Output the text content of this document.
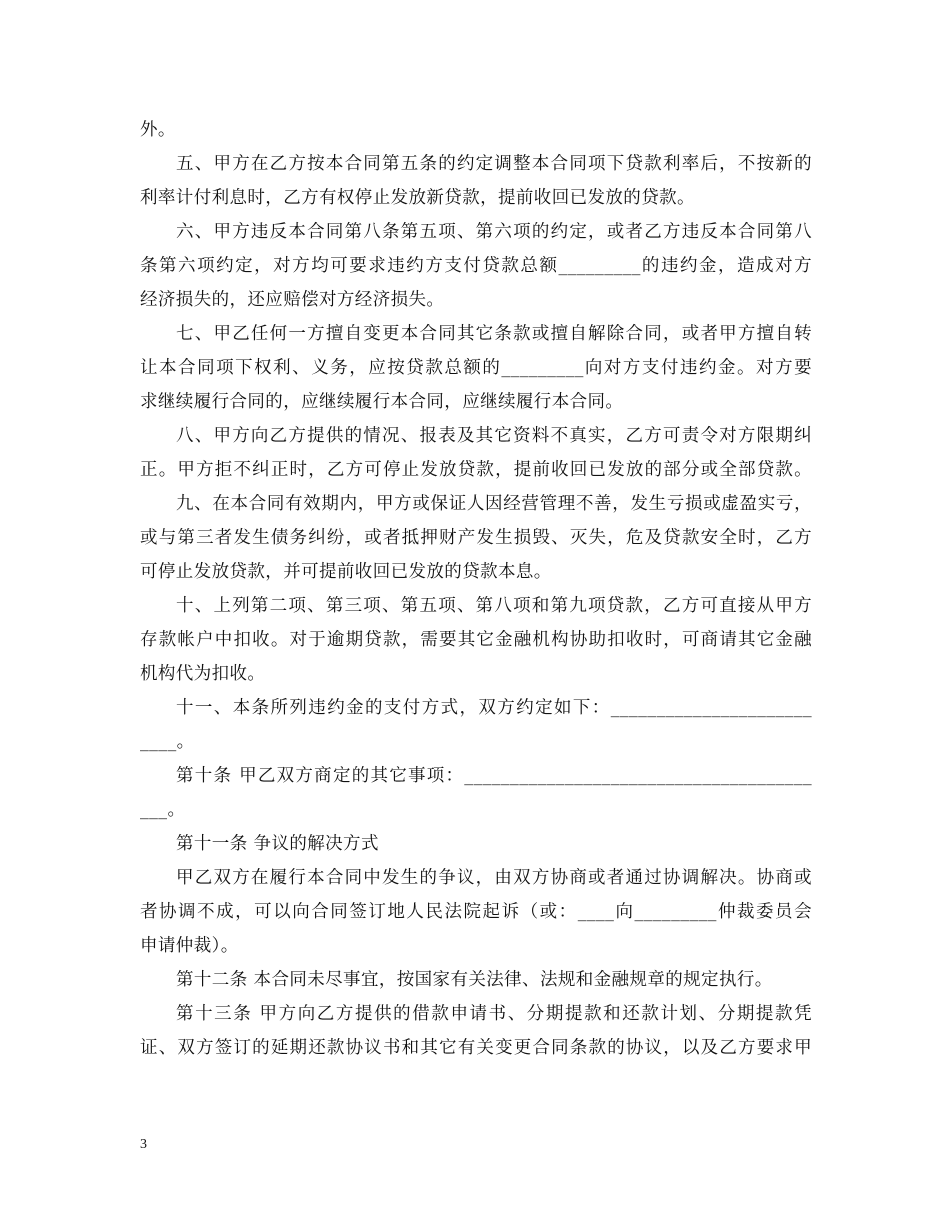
外。
五、甲方在乙方按本合同第五条的约定调整本合同项下贷款利率后，不按新的
利率计付利息时，乙方有权停止发放新贷款，提前收回已发放的贷款。
六、甲方违反本合同第八条第五项、第六项的约定，或者乙方违反本合同第八
条第六项约定，对方均可要求违约方支付贷款总额_________的违约金，造成对方
经济损失的，还应赔偿对方经济损失。
七、甲乙任何一方擅自变更本合同其它条款或擅自解除合同，或者甲方擅自转
让本合同项下权利、义务，应按贷款总额的_________向对方支付违约金。对方要
求继续履行合同的，应继续履行本合同，应继续履行本合同。
八、甲方向乙方提供的情况、报表及其它资料不真实，乙方可责令对方限期纠
正。甲方拒不纠正时，乙方可停止发放贷款，提前收回已发放的部分或全部贷款。
九、在本合同有效期内，甲方或保证人因经营管理不善，发生亏损或虚盈实亏，
或与第三者发生债务纠纷，或者抵押财产发生损毁、灭失，危及贷款安全时，乙方
可停止发放贷款，并可提前收回已发放的贷款本息。
十、上列第二项、第三项、第五项、第八项和第九项贷款，乙方可直接从甲方
存款帐户中扣收。对于逾期贷款，需要其它金融机构协助扣收时，可商请其它金融
机构代为扣收。
十一、本条所列违约金的支付方式，双方约定如下：______________________
____。
第十条 甲乙双方商定的其它事项：______________________________________
___。
第十一条 争议的解决方式
甲乙双方在履行本合同中发生的争议，由双方协商或者通过协调解决。协商或
者协调不成，可以向合同签订地人民法院起诉（或：____向_________仲裁委员会
申请仲裁）。
第十二条 本合同未尽事宜，按国家有关法律、法规和金融规章的规定执行。
第十三条 甲方向乙方提供的借款申请书、分期提款和还款计划、分期提款凭
证、双方签订的延期还款协议书和其它有关变更合同条款的协议，以及乙方要求甲
3
